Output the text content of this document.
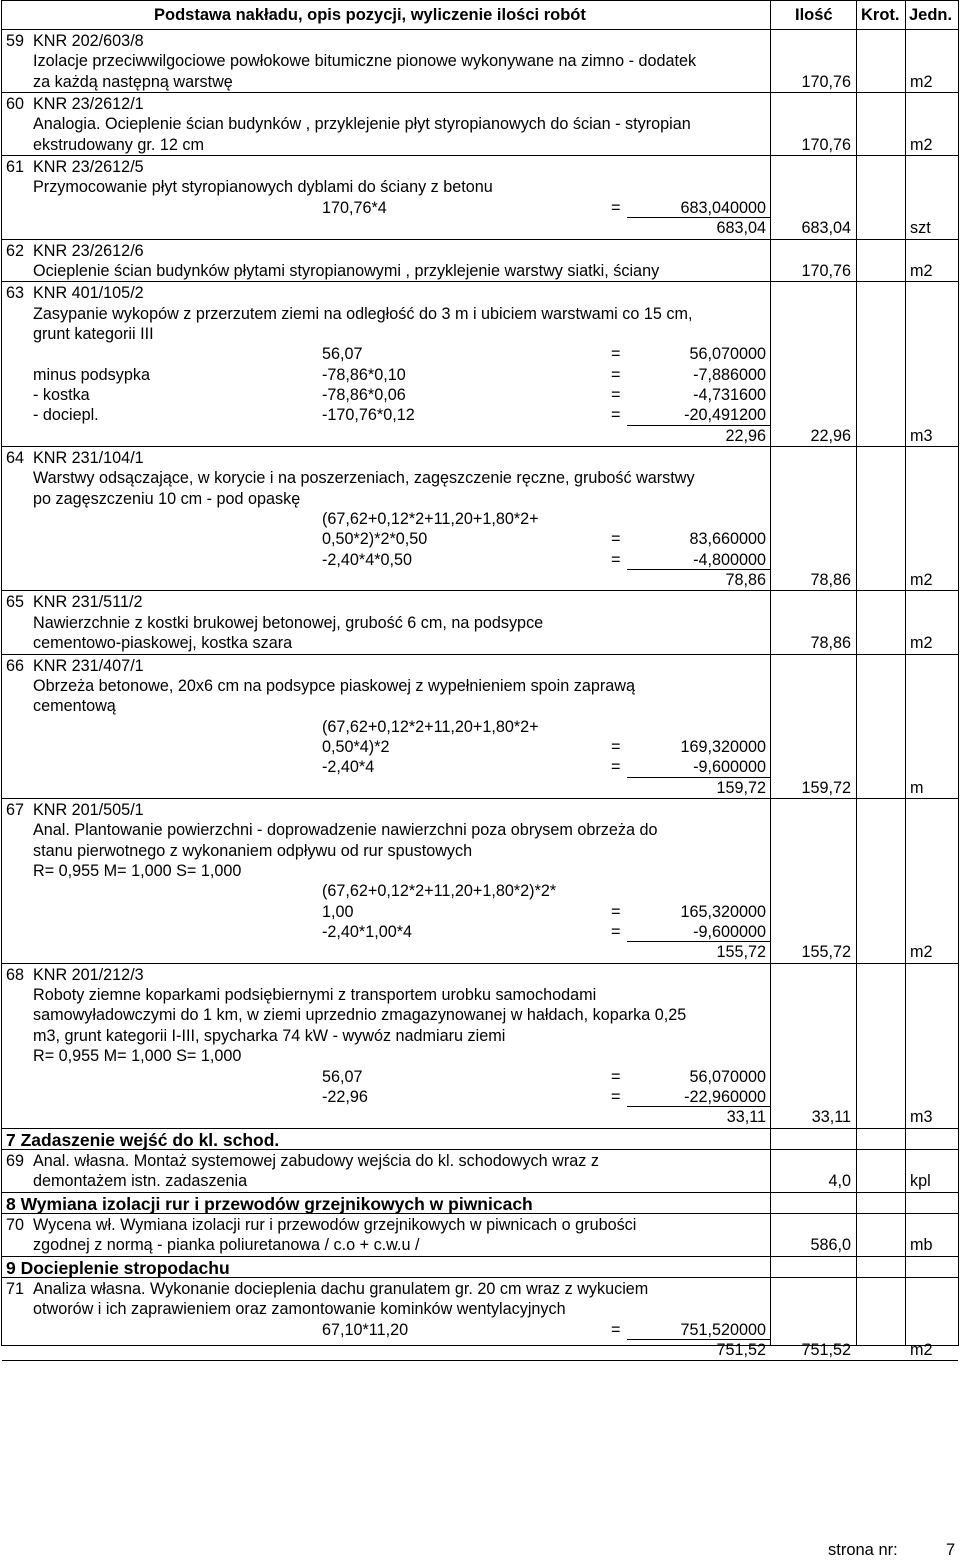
Podstawa nakładu, opis pozycji, wyliczenie ilości robót	Ilość Krot. Jedn.
59 KNR 202/603/8
Izolacje przeciwwilgociowe powłokowe bitumiczne pionowe wykonywane na zimno - dodatek
za każdą następną warstwę	170,76	m2
60 KNR 23/2612/1
Analogia. Ocieplenie ścian budynków , przyklejenie płyt styropianowych do ścian - styropian
ekstrudowany gr. 12 cm	170,76	m2
61 KNR 23/2612/5
Przymocowanie płyt styropianowych dyblami do ściany z betonu
170,76*4	=	683,040000
683,04 683,04	szt
62 KNR 23/2612/6
Ocieplenie ścian budynków płytami styropianowymi , przyklejenie warstwy siatki, ściany	170,76	m2
63 KNR 401/105/2
Zasypanie wykopów z przerzutem ziemi na odległość do 3 m i ubiciem warstwami co 15 cm,
grunt kategorii III
56,07	=	56,070000
minus podsypka	-78,86*0,10	=	-7,886000
- kostka	-78,86*0,06	=	-4,731600
- dociepl.	-170,76*0,12	=	-20,491200
22,96	22,96	m3
64 KNR 231/104/1
Warstwy odsączające, w korycie i na poszerzeniach, zagęszczenie ręczne, grubość warstwy
po zagęszczeniu 10 cm - pod opaskę
(67,62+0,12*2+11,20+1,80*2+
0,50*2)*2*0,50	=	83,660000
-2,40*4*0,50	=	-4,800000
78,86	78,86	m2
65 KNR 231/511/2
Nawierzchnie z kostki brukowej betonowej, grubość 6 cm, na podsypce
cementowo-piaskowej, kostka szara	78,86	m2
66 KNR 231/407/1
Obrzeża betonowe, 20x6 cm na podsypce piaskowej z wypełnieniem spoin zaprawą
cementową
(67,62+0,12*2+11,20+1,80*2+
0,50*4)*2	=	169,320000
-2,40*4	=	-9,600000
159,72 159,72	m
67 KNR 201/505/1
Anal. Plantowanie powierzchni - doprowadzenie nawierzchni poza obrysem obrzeża do
stanu pierwotnego z wykonaniem odpływu od rur spustowych
R= 0,955 M= 1,000 S= 1,000
(67,62+0,12*2+11,20+1,80*2)*2*
1,00	=	165,320000
-2,40*1,00*4	=	-9,600000
155,72 155,72	m2
68 KNR 201/212/3
Roboty ziemne koparkami podsiębiernymi z transportem urobku samochodami
samowyładowczymi do 1 km, w ziemi uprzednio zmagazynowanej w hałdach, koparka 0,25
m3, grunt kategorii I-III, spycharka 74 kW - wywóz nadmiaru ziemi
R= 0,955 M= 1,000 S= 1,000
56,07	=	56,070000
-22,96	=	-22,960000
33,11	33,11	m3
7 Zadaszenie wejść do kl. schod.
69 Anal. własna. Montaż systemowej zabudowy wejścia do kl. schodowych wraz z
demontażem istn. zadaszenia	4,0	kpl
8 Wymiana izolacji rur i przewodów grzejnikowych w piwnicach
70 Wycena wł. Wymiana izolacji rur i przewodów grzejnikowych w piwnicach o grubości
zgodnej z normą - pianka poliuretanowa / c.o + c.w.u /	586,0	mb
9 Docieplenie stropodachu
71 Analiza własna. Wykonanie docieplenia dachu granulatem gr. 20 cm wraz z wykuciem
otworów i ich zaprawieniem oraz zamontowanie kominków wentylacyjnych
67,10*11,20	=	751,520000
751,52 751,52	m2
strona nr:	7
